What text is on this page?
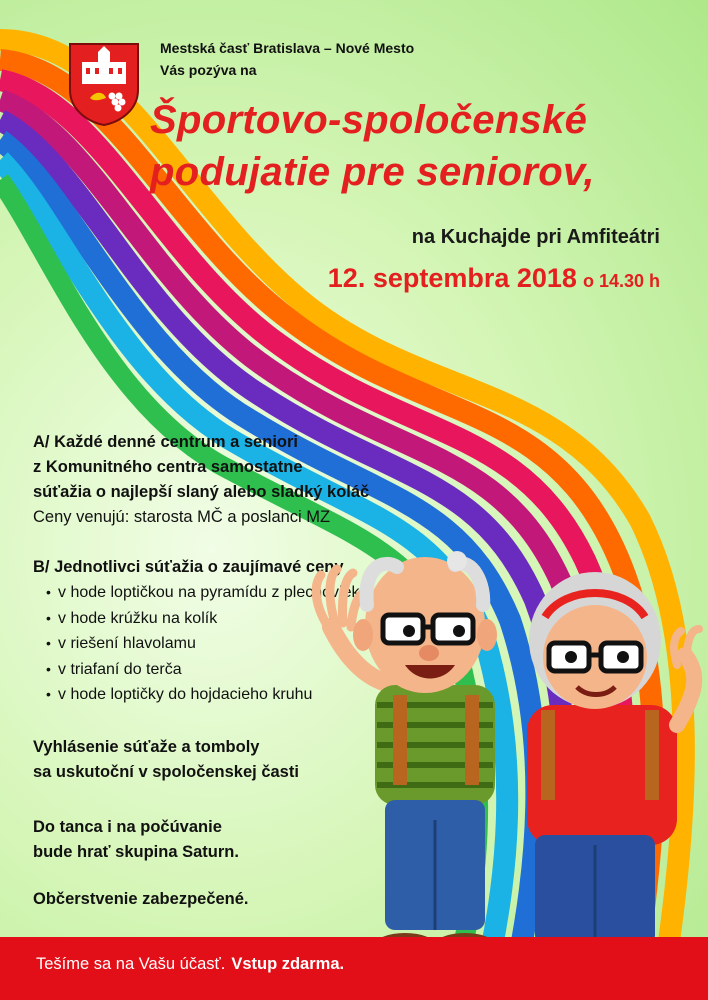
Mestská časť Bratislava – Nové Mesto
Vás pozýva na
Športovo-spoločenské
podujatie pre seniorov,
na Kuchajde pri Amfiteátri
12. septembra 2018 o 14.30 h
A/ Každé denné centrum a seniori
z Komunitného centra samostatne
súťažia o najlepší slaný alebo sladký koláč
Ceny venujú: starosta MČ a poslanci MZ
B/ Jednotlivci súťažia o zaujímavé ceny
• v hode loptičkou na pyramídu z plechoviek
• v hode krúžku na kolík
• v riešení hlavolamu
• v triafaní do terča
• v hode loptičky do hojdacieho kruhu
Vyhlásenie súťaže a tomboly
sa uskutoční v spoločenskej časti
Do tanca i na počúvanie
bude hrať skupina Saturn.
Občerstvenie zabezpečené.
Tešíme sa na Vašu účasť. Vstup zdarma.
